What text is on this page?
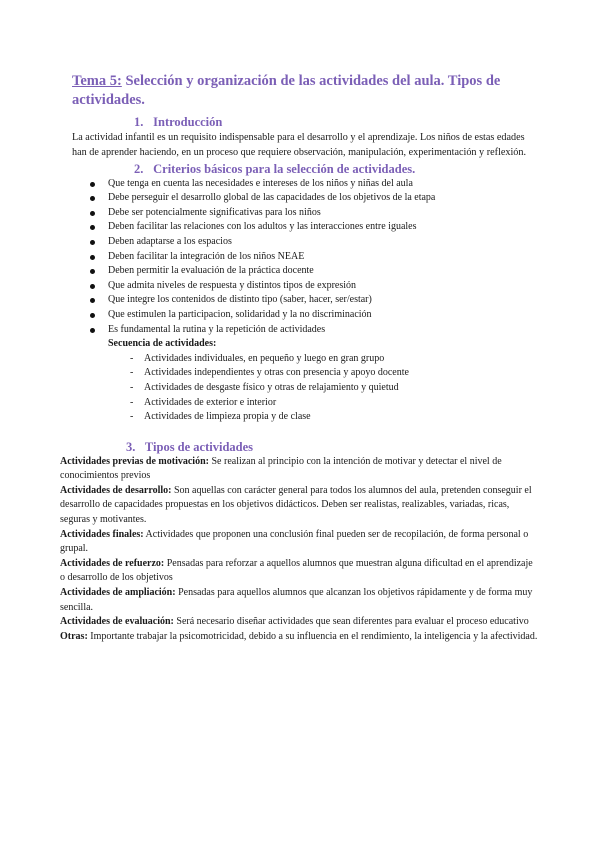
Tema 5: Selección y organización de las actividades del aula. Tipos de actividades.
1. Introducción

La actividad infantil es un requisito indispensable para el desarrollo y el aprendizaje. Los niños de estas edades han de aprender haciendo, en un proceso que requiere observación, manipulación, experimentación y reflexión.

2. Criterios básicos para la selección de actividades.
Que tenga en cuenta las necesidades e intereses de los niños y niñas del aula
Debe perseguir el desarrollo global de las capacidades de los objetivos de la etapa
Debe ser potencialmente significativas para los niños
Deben facilitar las relaciones con los adultos y las interacciones entre iguales
Deben adaptarse a los espacios
Deben facilitar la integración de los niños NEAE
Deben permitir la evaluación de la práctica docente
Que admita niveles de respuesta y distintos tipos de expresión
Que integre los contenidos de distinto tipo (saber, hacer, ser/estar)
Que estimulen la participacion, solidaridad y la no discriminación
Es fundamental la rutina y la repetición de actividades

Secuencia de actividades:

- Actividades individuales, en pequeño y luego en gran grupo
- Actividades independientes y otras con presencia y apoyo docente
- Actividades de desgaste físico y otras de relajamiento y quietud
- Actividades de exterior e interior
- Actividades de limpieza propia y de clase
3. Tipos de actividades

Actividades previas de motivación: Se realizan al principio con la intención de motivar y detectar el nivel de conocimientos previos

Actividades de desarrollo: Son aquellas con carácter general para todos los alumnos del aula, pretenden conseguir el desarrollo de capacidades propuestas en los objetivos didácticos. Deben ser realistas, realizables, variadas, ricas, seguras y motivantes.

Actividades finales: Actividades que proponen una conclusión final pueden ser de recopilación, de forma personal o grupal.

Actividades de refuerzo: Pensadas para reforzar a aquellos alumnos que muestran alguna dificultad en el aprendizaje o desarrollo de los objetivos

Actividades de ampliación: Pensadas para aquellos alumnos que alcanzan los objetivos rápidamente y de forma muy sencilla.

Actividades de evaluación: Será necesario diseñar actividades que sean diferentes para evaluar el proceso educativo

Otras: Importante trabajar la psicomotricidad, debido a su influencia en el rendimiento, la inteligencia y la afectividad.
